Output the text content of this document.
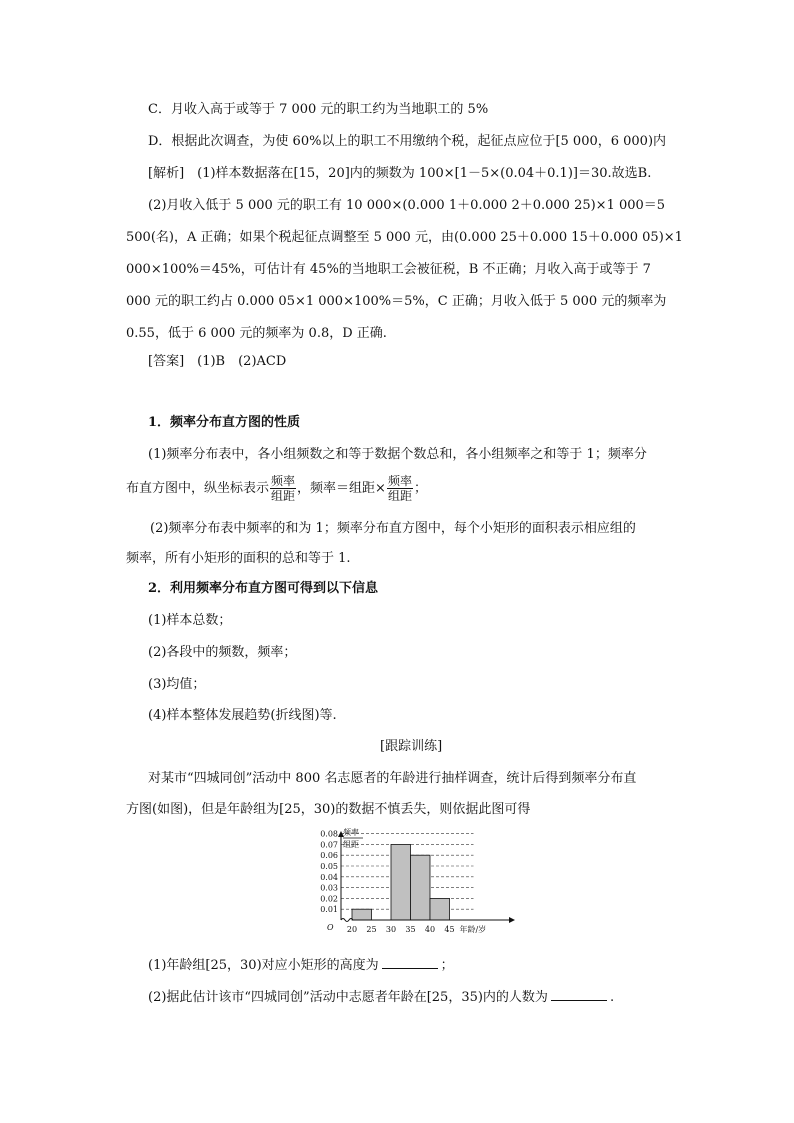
C．月收入高于或等于 7 000 元的职工约为当地职工的 5%
D．根据此次调查，为使 60%以上的职工不用缴纳个税，起征点应位于[5 000，6 000)内
[解析]　(1)样本数据落在[15，20]内的频数为 100×[1－5×(0.04＋0.1)]＝30.故选B.
(2)月收入低于 5 000 元的职工有 10 000×(0.000 1＋0.000 2＋0.000 25)×1 000＝5
500(名)，A 正确；如果个税起征点调整至 5 000 元，由(0.000 25＋0.000 15＋0.000 05)×1
000×100%＝45%，可估计有 45%的当地职工会被征税，B 不正确；月收入高于或等于 7
000 元的职工约占 0.000 05×1 000×100%＝5%，C 正确；月收入低于 5 000 元的频率为
0.55，低于 6 000 元的频率为 0.8，D 正确.
[答案]　(1)B　(2)ACD
1．频率分布直方图的性质
(1)频率分布表中，各小组频数之和等于数据个数总和，各小组频率之和等于 1；频率分
布直方图中，纵坐标表示 $\frac{\text{频率}}{\text{组距}}$ ，频率＝组距× $\frac{\text{频率}}{\text{组距}}$ ；
(2)频率分布表中频率的和为 1；频率分布直方图中，每个小矩形的面积表示相应组的
频率，所有小矩形的面积的总和等于 1.
2．利用频率分布直方图可得到以下信息
(1)样本总数；
(2)各段中的频数，频率；
(3)均值；
(4)样本整体发展趋势(折线图)等.
[跟踪训练]
对某市“四城同创”活动中 800 名志愿者的年龄进行抽样调查，统计后得到频率分布直
方图(如图)，但是年龄组为[25，30)的数据不慎丢失，则依据此图可得
0.01
0.02
0.03
0.04
0.05
0.06
0.07
0.08
20 25 30 35 40 45 年龄/岁
频率
组距
O
(1)年龄组[25，30)对应小矩形的高度为	；
(2)据此估计该市“四城同创”活动中志愿者年龄在[25，35)内的人数为	.
